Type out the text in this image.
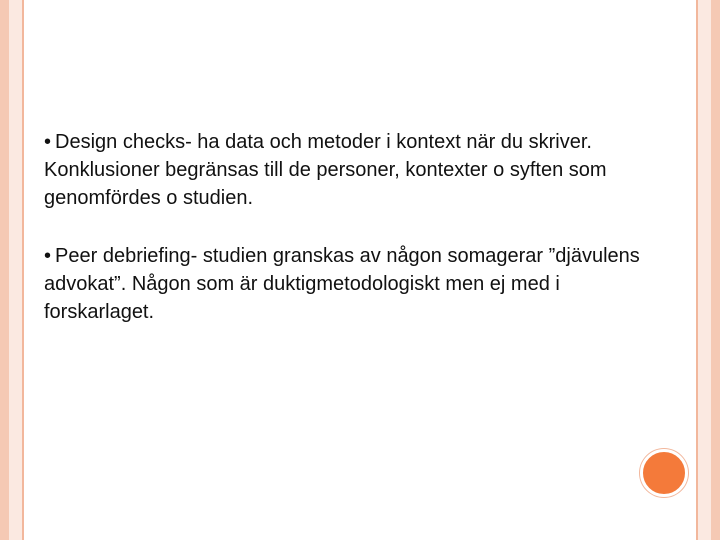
• Design checks- ha data och metoder i kontext när du skriver. Konklusioner begränsas till de personer, kontexter o syften som genomfördes o studien.

• Peer debriefing- studien granskas av någon somagerar ”djävulens advokat”. Någon som är duktigmetodologiskt men ej med i forskarlaget.
